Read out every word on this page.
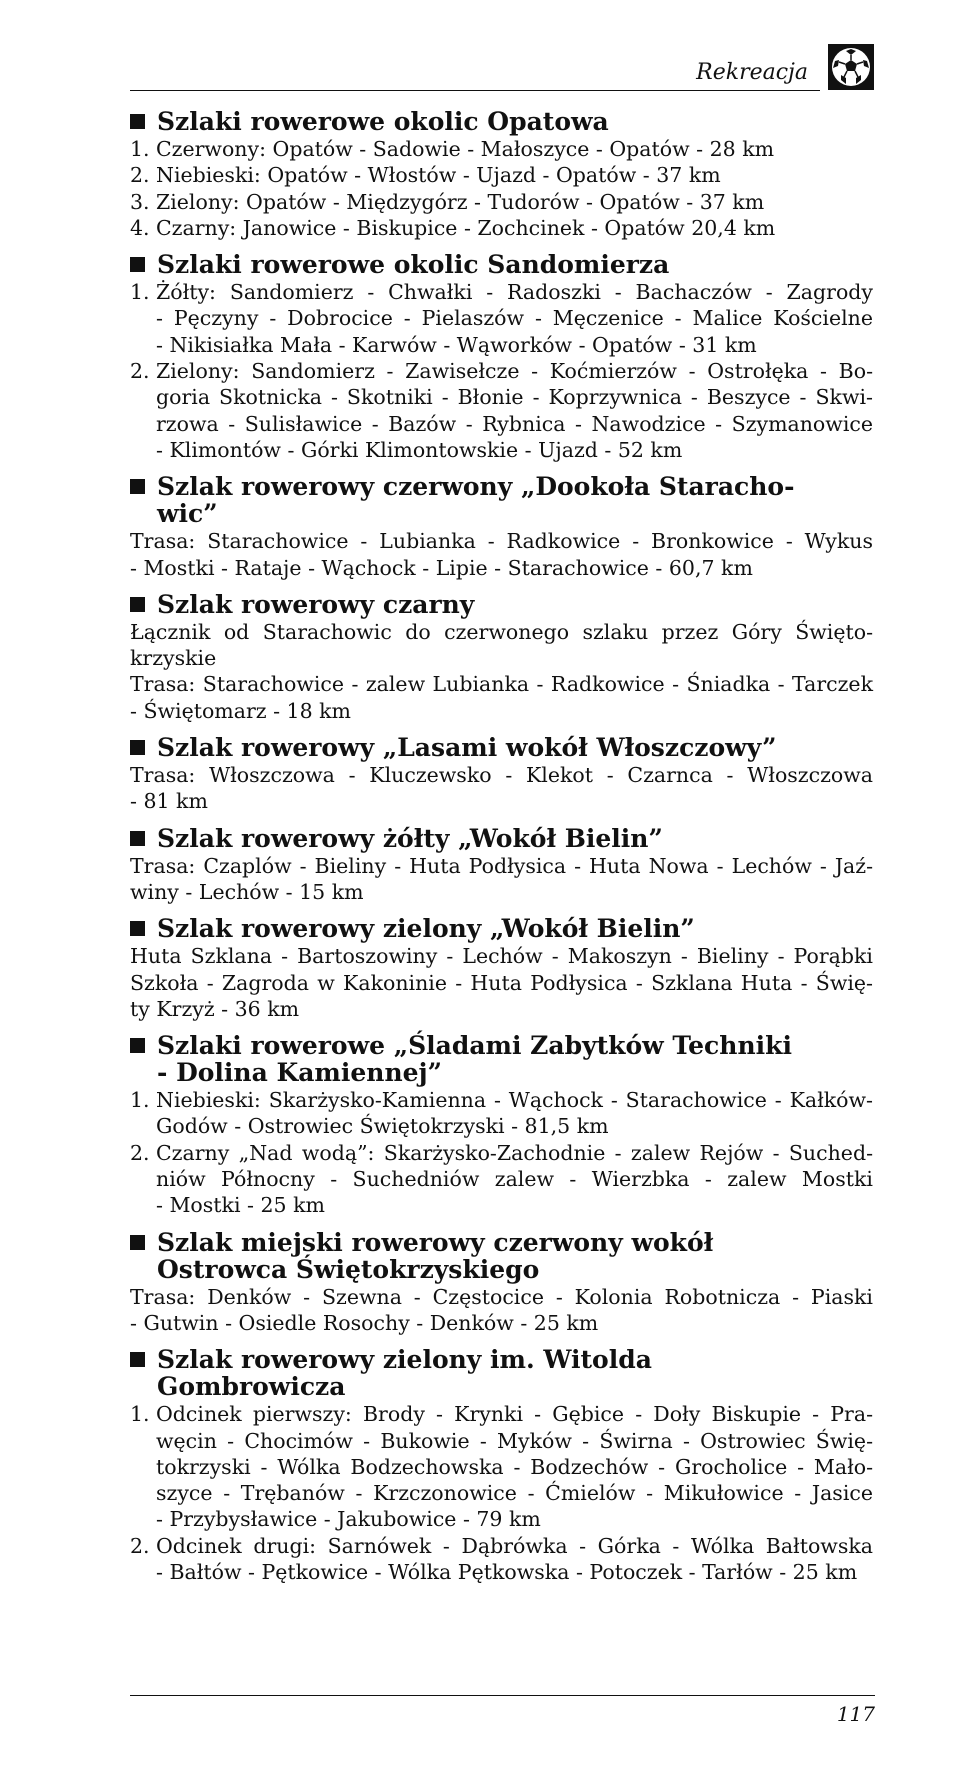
Rekreacja
Szlaki rowerowe okolic Opatowa
1. Czerwony: Opatów - Sadowie - Małoszyce - Opatów - 28 km
2. Niebieski: Opatów - Włostów - Ujazd - Opatów - 37 km
3. Zielony: Opatów - Międzygórz - Tudorów - Opatów - 37 km
4. Czarny: Janowice - Biskupice - Zochcinek - Opatów 20,4 km
Szlaki rowerowe okolic Sandomierza
1. Żółty: Sandomierz - Chwałki - Radoszki - Bachaczów - Zagrody
- Pęczyny - Dobrocice - Pielaszów - Męczenice - Malice Kościelne
- Nikisiałka Mała - Karwów - Wąworków - Opatów - 31 km
2. Zielony: Sandomierz - Zawisełcze - Koćmierzów - Ostrołęka - Bo-
goria Skotnicka - Skotniki - Błonie - Koprzywnica - Beszyce - Skwi-
rzowa - Sulisławice - Bazów - Rybnica - Nawodzice - Szymanowice
- Klimontów - Górki Klimontowskie - Ujazd - 52 km
Szlak rowerowy czerwony „Dookoła Staracho-
wic”
Trasa: Starachowice - Lubianka - Radkowice - Bronkowice - Wykus
- Mostki - Rataje - Wąchock - Lipie - Starachowice - 60,7 km
Szlak rowerowy czarny
Łącznik od Starachowic do czerwonego szlaku przez Góry Święto-
krzyskie
Trasa: Starachowice - zalew Lubianka - Radkowice - Śniadka - Tarczek
- Świętomarz - 18 km
Szlak rowerowy „Lasami wokół Włoszczowy”
Trasa: Włoszczowa - Kluczewsko - Klekot - Czarnca - Włoszczowa
- 81 km
Szlak rowerowy żółty „Wokół Bielin”
Trasa: Czaplów - Bieliny - Huta Podłysica - Huta Nowa - Lechów - Jaź-
winy - Lechów - 15 km
Szlak rowerowy zielony „Wokół Bielin”
Huta Szklana - Bartoszowiny - Lechów - Makoszyn - Bieliny - Porąbki
Szkoła - Zagroda w Kakoninie - Huta Podłysica - Szklana Huta - Świę-
ty Krzyż - 36 km
Szlaki rowerowe „Śladami Zabytków Techniki
- Dolina Kamiennej”
1. Niebieski: Skarżysko-Kamienna - Wąchock - Starachowice - Kałków-
Godów - Ostrowiec Świętokrzyski - 81,5 km
2. Czarny „Nad wodą”: Skarżysko-Zachodnie - zalew Rejów - Suched-
niów Północny - Suchedniów zalew - Wierzbka - zalew Mostki
- Mostki - 25 km
Szlak miejski rowerowy czerwony wokół
Ostrowca Świętokrzyskiego
Trasa: Denków - Szewna - Częstocice - Kolonia Robotnicza - Piaski
- Gutwin - Osiedle Rosochy - Denków - 25 km
Szlak rowerowy zielony im. Witolda
Gombrowicza
1. Odcinek pierwszy: Brody - Krynki - Gębice - Doły Biskupie - Pra-
węcin - Chocimów - Bukowie - Myków - Świrna - Ostrowiec Świę-
tokrzyski - Wólka Bodzechowska - Bodzechów - Grocholice - Mało-
szyce - Trębanów - Krzczonowice - Ćmielów - Mikułowice - Jasice
- Przybysławice - Jakubowice - 79 km
2. Odcinek drugi: Sarnówek - Dąbrówka - Górka - Wólka Bałtowska
- Bałtów - Pętkowice - Wólka Pętkowska - Potoczek - Tarłów - 25 km
117
